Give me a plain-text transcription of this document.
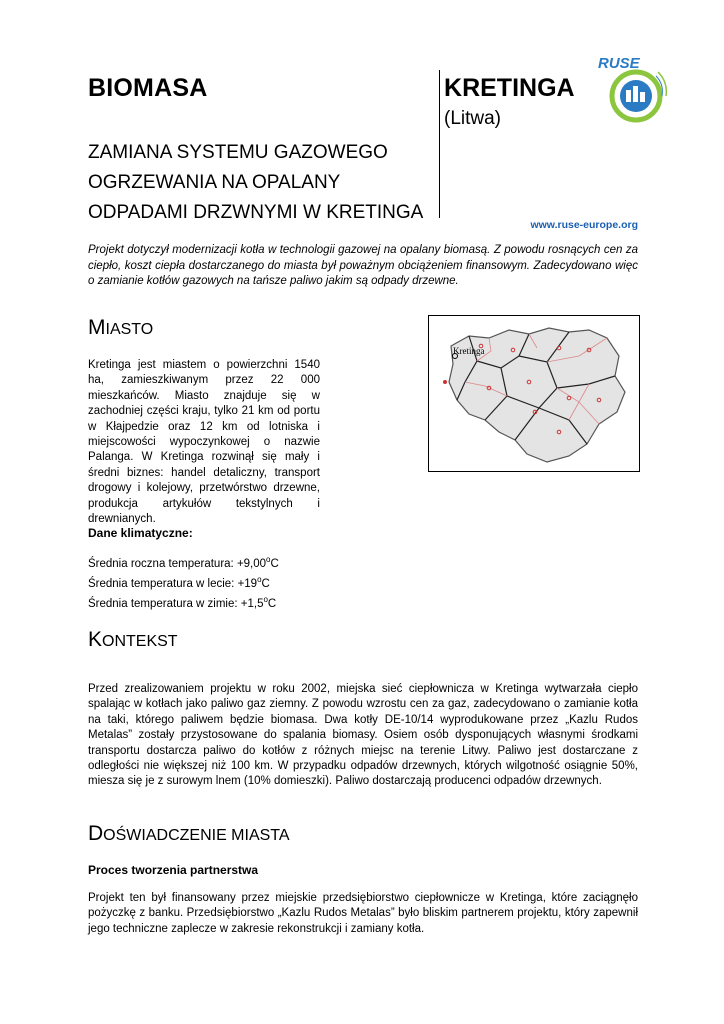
BIOMASA	KRETINGA
(Litwa)
ZAMIANA SYSTEMU GAZOWEGO
OGRZEWANIA NA OPALANY
ODPADAMI DRZWNYMI W KRETINGA
RUSE
www.ruse-europe.org
Projekt dotyczył modernizacji kotła w technologii gazowej na opalany biomasą. Z powodu rosnących cen za ciepło, koszt ciepła dostarczanego do miasta był poważnym obciążeniem finansowym. Zadecydowano więc o zamianie kotłów gazowych na tańsze paliwo jakim są odpady drzewne.
MIASTO
Kretinga jest miastem o powierzchni 1540 ha, zamieszkiwanym przez 22 000 mieszkańców. Miasto znajduje się w zachodniej części kraju, tylko 21 km od portu w Kłajpedzie oraz 12 km od lotniska i miejscowości wypoczynkowej o nazwie Palanga. W Kretinga rozwinął się mały i średni biznes: handel detaliczny, transport drogowy i kolejowy, przetwórstwo drzewne, produkcja artykułów tekstylnych i drewnianych.
Kretinga
Dane klimatyczne:
Średnia roczna temperatura: $+9,00^oC$
Średnia temperatura w lecie: $+19^oC$
Średnia temperatura w zimie: $+1,5^oC$
KONTEKST
Przed zrealizowaniem projektu w roku 2002, miejska sieć ciepłownicza w Kretinga wytwarzała ciepło spalając w kotłach jako paliwo gaz ziemny. Z powodu wzrostu cen za gaz, zadecydowano o zamianie kotła na taki, którego paliwem będzie biomasa. Dwa kotły DE-10/14 wyprodukowane przez „Kazlu Rudos Metalas” zostały przystosowane do spalania biomasy. Osiem osób dysponujących własnymi środkami transportu dostarcza paliwo do kotłów z różnych miejsc na terenie Litwy. Paliwo jest dostarczane z odległości nie większej niż 100 km. W przypadku odpadów drzewnych, których wilgotność osiągnie 50%, miesza się je z surowym lnem (10% domieszki). Paliwo dostarczają producenci odpadów drzewnych.
DOŚWIADCZENIE MIASTA
Proces tworzenia partnerstwa
Projekt ten był finansowany przez miejskie przedsiębiorstwo ciepłownicze w Kretinga, które zaciągnęło pożyczkę z banku. Przedsiębiorstwo „Kazlu Rudos Metalas” było bliskim partnerem projektu, który zapewnił jego techniczne zaplecze w zakresie rekonstrukcji i zamiany kotła.
